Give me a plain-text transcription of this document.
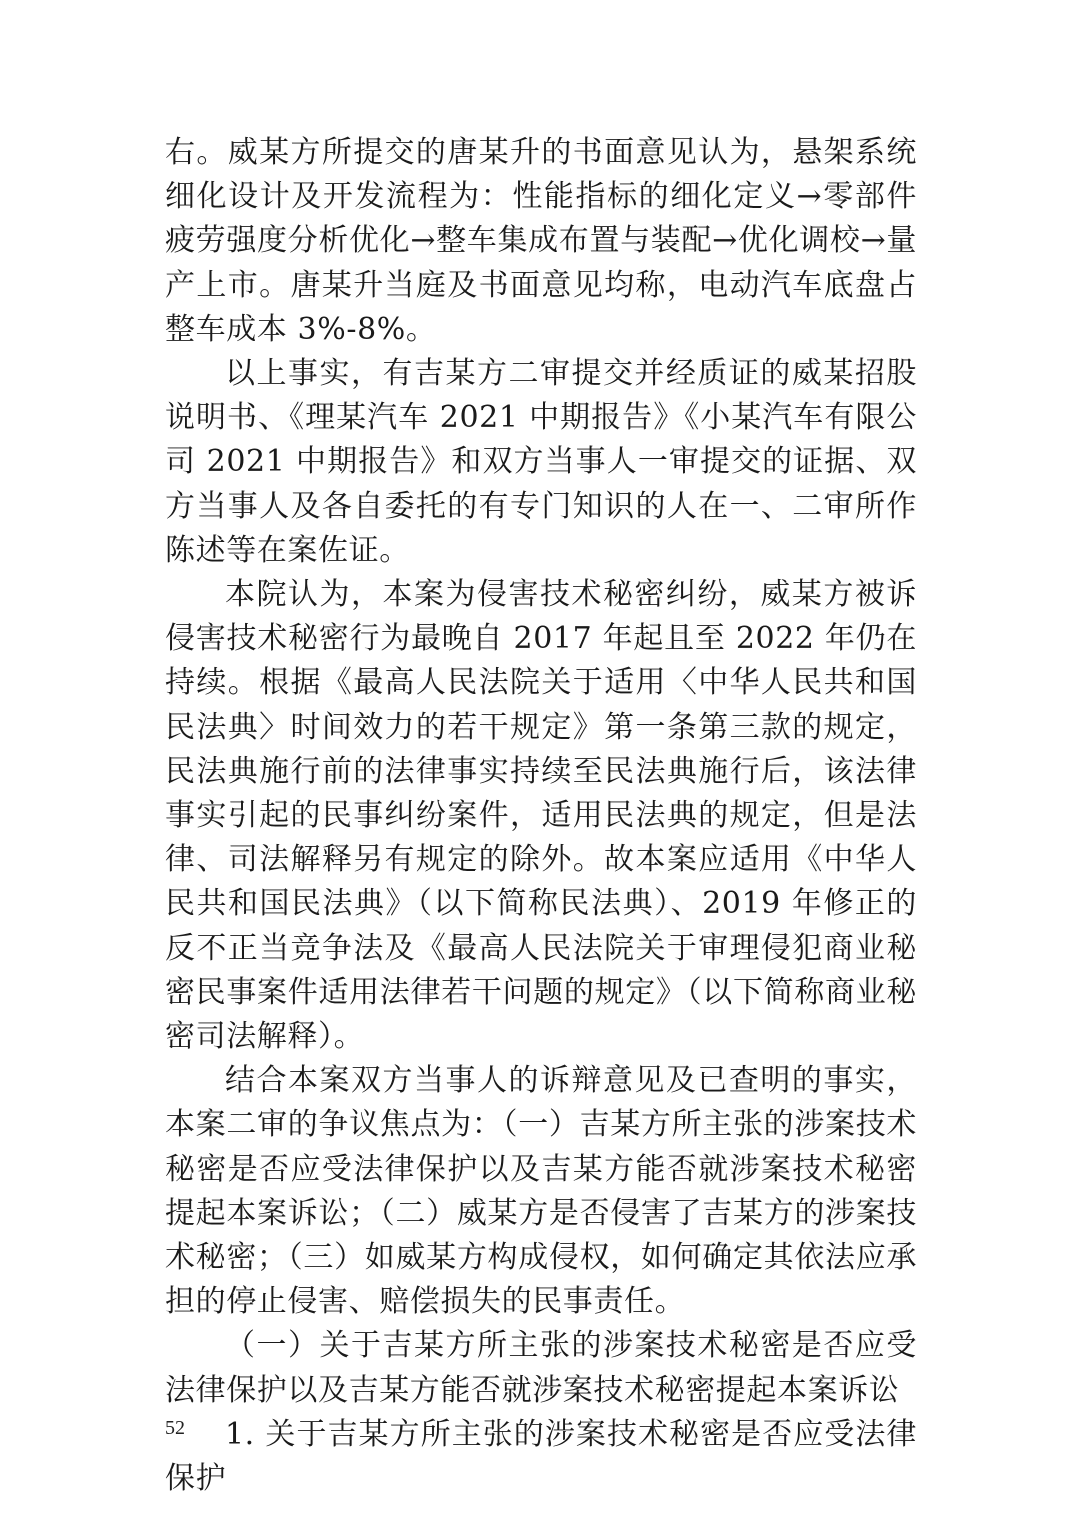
右。威某方所提交的唐某升的书面意见认为，悬架系统细化设计及开发流程为：性能指标的细化定义→零部件疲劳强度分析优化→整车集成布置与装配→优化调校→量产上市。唐某升当庭及书面意见均称，电动汽车底盘占整车成本 3%-8%。

以上事实，有吉某方二审提交并经质证的威某招股说明书、《理某汽车 2021 中期报告》《小某汽车有限公司 2021 中期报告》和双方当事人一审提交的证据、双方当事人及各自委托的有专门知识的人在一、二审所作陈述等在案佐证。

本院认为，本案为侵害技术秘密纠纷，威某方被诉侵害技术秘密行为最晚自 2017 年起且至 2022 年仍在持续。根据《最高人民法院关于适用〈中华人民共和国民法典〉时间效力的若干规定》第一条第三款的规定，民法典施行前的法律事实持续至民法典施行后，该法律事实引起的民事纠纷案件，适用民法典的规定，但是法律、司法解释另有规定的除外。故本案应适用《中华人民共和国民法典》（以下简称民法典）、2019 年修正的反不正当竞争法及《最高人民法院关于审理侵犯商业秘密民事案件适用法律若干问题的规定》（以下简称商业秘密司法解释）。

结合本案双方当事人的诉辩意见及已查明的事实，本案二审的争议焦点为：（一）吉某方所主张的涉案技术秘密是否应受法律保护以及吉某方能否就涉案技术秘密提起本案诉讼；（二）威某方是否侵害了吉某方的涉案技术秘密；（三）如威某方构成侵权，如何确定其依法应承担的停止侵害、赔偿损失的民事责任。

（一）关于吉某方所主张的涉案技术秘密是否应受法律保护以及吉某方能否就涉案技术秘密提起本案诉讼

1. 关于吉某方所主张的涉案技术秘密是否应受法律保护

52
